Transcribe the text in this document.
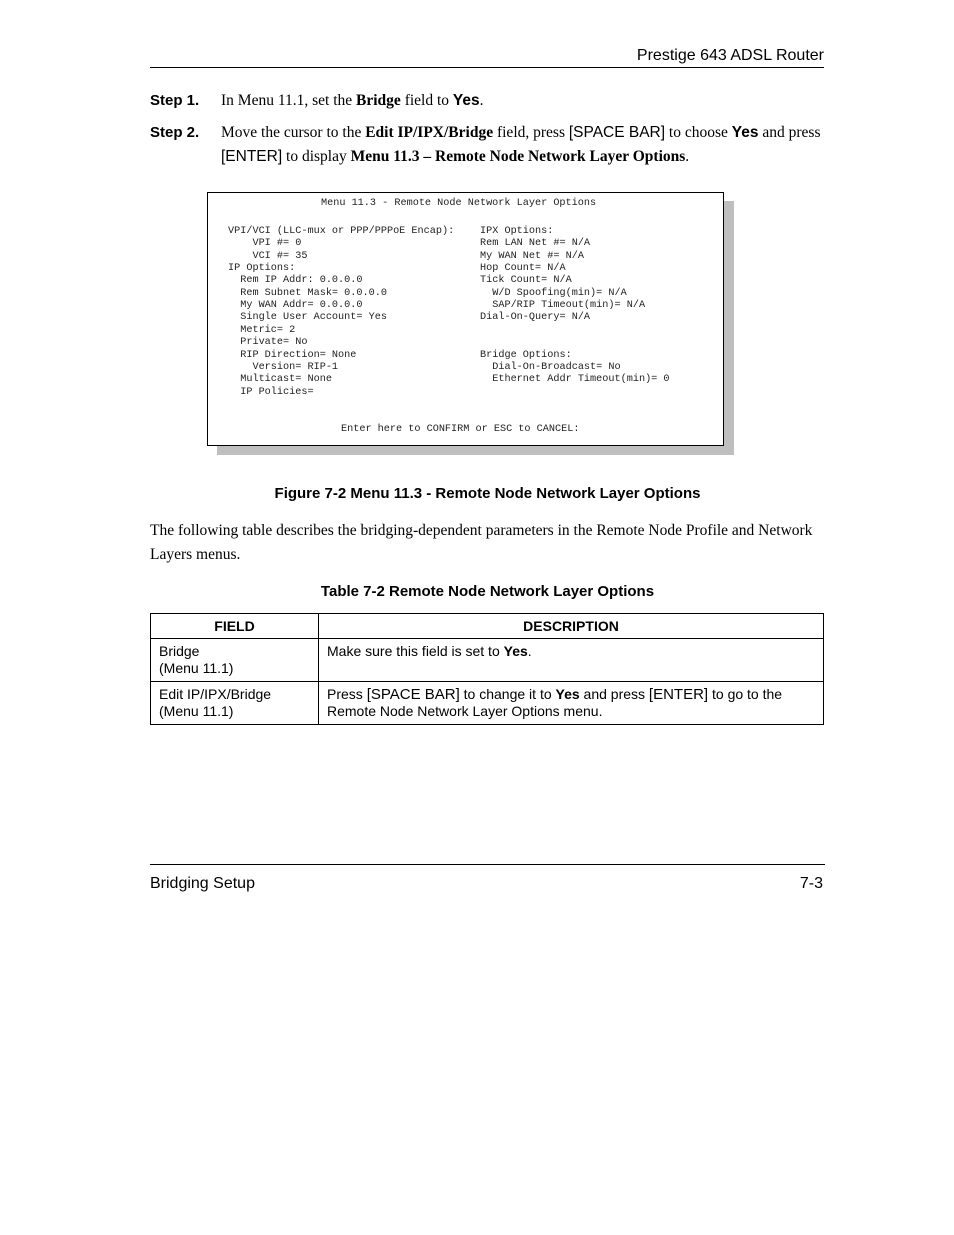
Prestige 643 ADSL Router
Step 1. In Menu 11.1, set the Bridge field to Yes.
Step 2. Move the cursor to the Edit IP/IPX/Bridge field, press [SPACE BAR] to choose Yes and press [ENTER] to display Menu 11.3 – Remote Node Network Layer Options.
Menu 11.3 - Remote Node Network Layer Options
Enter here to CONFIRM or ESC to CANCEL:
VPI/VCI (LLC-mux or PPP/PPPoE Encap):
VPI #= 0
VCI #= 35
IP Options:
Rem IP Addr: 0.0.0.0
Rem Subnet Mask= 0.0.0.0
My WAN Addr= 0.0.0.0
Single User Account= Yes
Metric= 2
Private= No
RIP Direction= None
Version= RIP-1
Multicast= None
IP Policies=
IPX Options:
Rem LAN Net #= N/A
My WAN Net #= N/A
Hop Count= N/A
Tick Count= N/A
W/D Spoofing(min)= N/A
SAP/RIP Timeout(min)= N/A
Dial-On-Query= N/A
Bridge Options:
Dial-On-Broadcast= No
Ethernet Addr Timeout(min)= 0
Figure 7-2 Menu 11.3 - Remote Node Network Layer Options
The following table describes the bridging-dependent parameters in the Remote Node Profile and Network Layers menus.
Table 7-2 Remote Node Network Layer Options
FIELD	DESCRIPTION
Bridge
(Menu 11.1)	Make sure this field is set to Yes.
Edit IP/IPX/Bridge
(Menu 11.1)	Press [SPACE BAR] to change it to Yes and press [ENTER] to go to the Remote Node Network Layer Options menu.
Bridging Setup	7-3
